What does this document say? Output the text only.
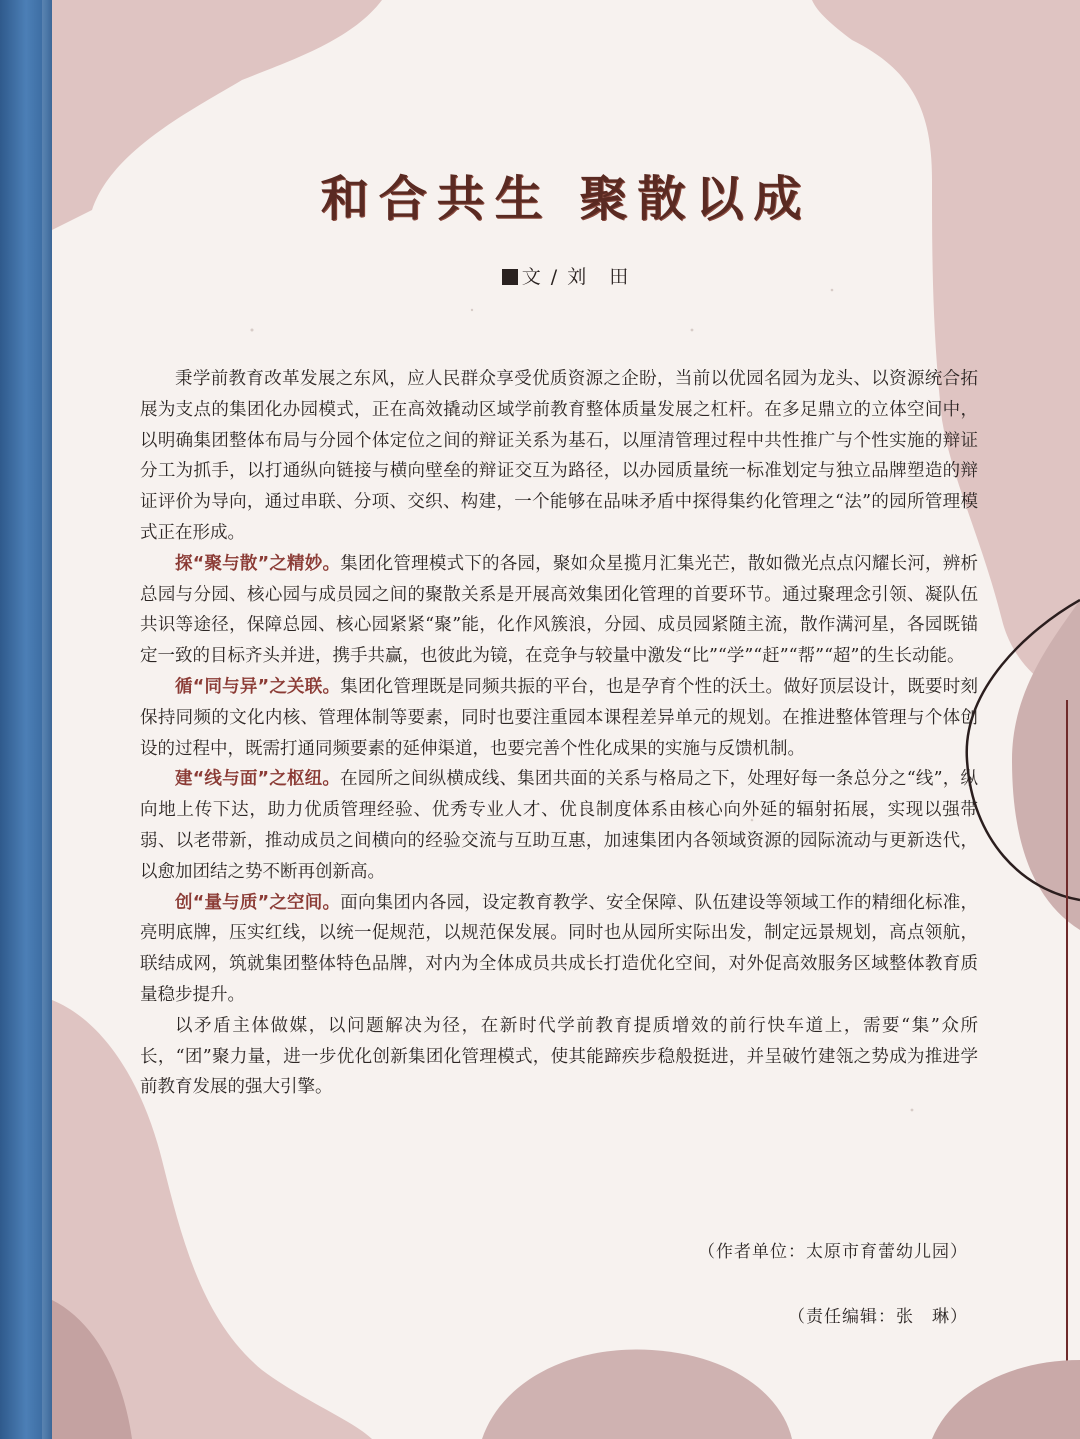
和合共生 聚散以成
文 / 刘　田

秉学前教育改革发展之东风，应人民群众享受优质资源之企盼，当前以优园名园为龙头、以资源统合拓展为支点的集团化办园模式，正在高效撬动区域学前教育整体质量发展之杠杆。在多足鼎立的立体空间中，以明确集团整体布局与分园个体定位之间的辩证关系为基石，以厘清管理过程中共性推广与个性实施的辩证分工为抓手，以打通纵向链接与横向壁垒的辩证交互为路径，以办园质量统一标准划定与独立品牌塑造的辩证评价为导向，通过串联、分项、交织、构建，一个能够在品味矛盾中探得集约化管理之“法”的园所管理模式正在形成。

探“聚与散”之精妙。集团化管理模式下的各园，聚如众星揽月汇集光芒，散如微光点点闪耀长河，辨析总园与分园、核心园与成员园之间的聚散关系是开展高效集团化管理的首要环节。通过聚理念引领、凝队伍共识等途径，保障总园、核心园紧紧“聚”能，化作风簇浪，分园、成员园紧随主流，散作满河星，各园既锚定一致的目标齐头并进，携手共赢，也彼此为镜，在竞争与较量中激发“比”“学”“赶”“帮”“超”的生长动能。

循“同与异”之关联。集团化管理既是同频共振的平台，也是孕育个性的沃土。做好顶层设计，既要时刻保持同频的文化内核、管理体制等要素，同时也要注重园本课程差异单元的规划。在推进整体管理与个体创设的过程中，既需打通同频要素的延伸渠道，也要完善个性化成果的实施与反馈机制。

建“线与面”之枢纽。在园所之间纵横成线、集团共面的关系与格局之下，处理好每一条总分之“线”，纵向地上传下达，助力优质管理经验、优秀专业人才、优良制度体系由核心向外延的辐射拓展，实现以强带弱、以老带新，推动成员之间横向的经验交流与互助互惠，加速集团内各领域资源的园际流动与更新迭代，以愈加团结之势不断再创新高。

创“量与质”之空间。面向集团内各园，设定教育教学、安全保障、队伍建设等领域工作的精细化标准，亮明底牌，压实红线，以统一促规范，以规范保发展。同时也从园所实际出发，制定远景规划，高点领航，联结成网，筑就集团整体特色品牌，对内为全体成员共成长打造优化空间，对外促高效服务区域整体教育质量稳步提升。

以矛盾主体做媒，以问题解决为径，在新时代学前教育提质增效的前行快车道上，需要“集”众所长，“团”聚力量，进一步优化创新集团化管理模式，使其能蹄疾步稳般挺进，并呈破竹建瓴之势成为推进学前教育发展的强大引擎。

（作者单位：太原市育蕾幼儿园）
（责任编辑：张　琳）
